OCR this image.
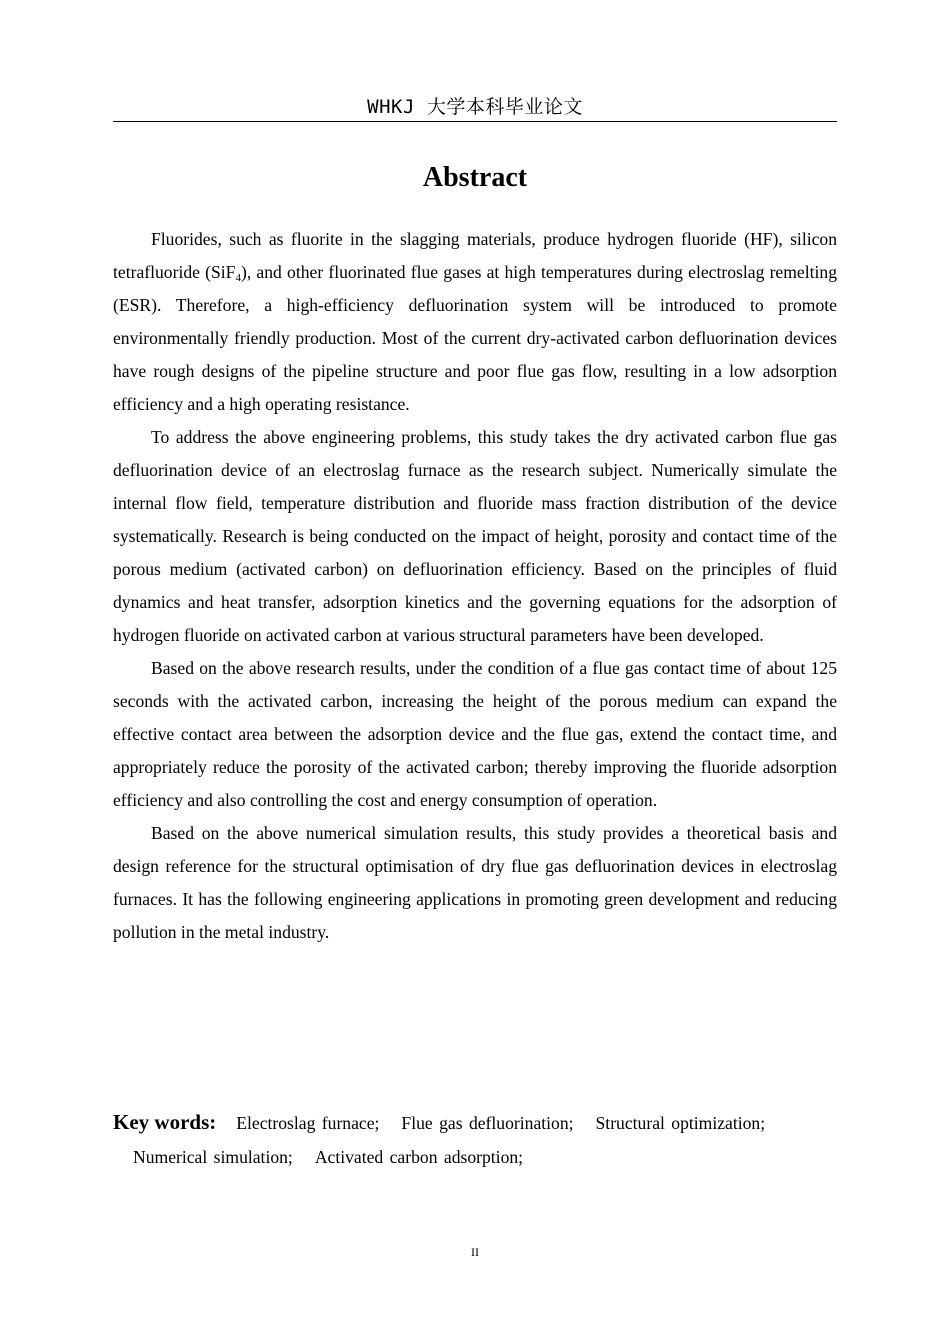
WHKJ 大学本科毕业论文
Abstract

Fluorides, such as fluorite in the slagging materials, produce hydrogen fluoride (HF), silicon tetrafluoride (SiF$_4$), and other fluorinated flue gases at high temperatures during electroslag remelting (ESR). Therefore, a high-efficiency defluorination system will be introduced to promote environmentally friendly production. Most of the current dry-activated carbon defluorination devices have rough designs of the pipeline structure and poor flue gas flow, resulting in a low adsorption efficiency and a high operating resistance.

To address the above engineering problems, this study takes the dry activated carbon flue gas defluorination device of an electroslag furnace as the research subject. Numerically simulate the internal flow field, temperature distribution and fluoride mass fraction distribution of the device systematically. Research is being conducted on the impact of height, porosity and contact time of the porous medium (activated carbon) on defluorination efficiency. Based on the principles of fluid dynamics and heat transfer, adsorption kinetics and the governing equations for the adsorption of hydrogen fluoride on activated carbon at various structural parameters have been developed.

Based on the above research results, under the condition of a flue gas contact time of about 125 seconds with the activated carbon, increasing the height of the porous medium can expand the effective contact area between the adsorption device and the flue gas, extend the contact time, and appropriately reduce the porosity of the activated carbon; thereby improving the fluoride adsorption efficiency and also controlling the cost and energy consumption of operation.

Based on the above numerical simulation results, this study provides a theoretical basis and design reference for the structural optimisation of dry flue gas defluorination devices in electroslag furnaces. It has the following engineering applications in promoting green development and reducing pollution in the metal industry.

Key words: Electroslag furnace; Flue gas defluorination; Structural optimization;
Numerical simulation; Activated carbon adsorption;
II
